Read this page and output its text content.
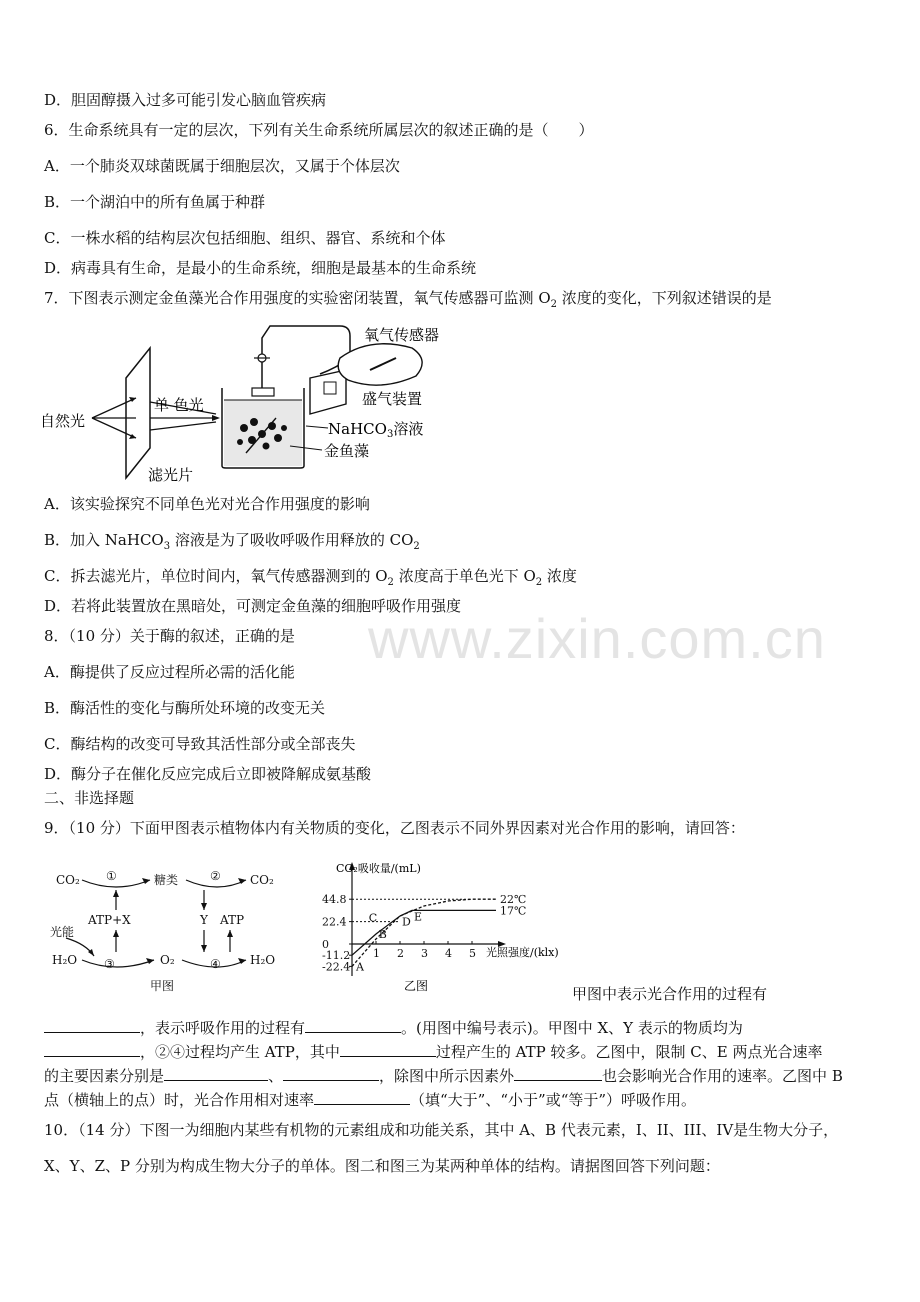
www.zixin.com.cn
D．胆固醇摄入过多可能引发心脑血管疾病
6．生命系统具有一定的层次，下列有关生命系统所属层次的叙述正确的是（　　）
A．一个肺炎双球菌既属于细胞层次，又属于个体层次
B．一个湖泊中的所有鱼属于种群
C．一株水稻的结构层次包括细胞、组织、器官、系统和个体
D．病毒具有生命，是最小的生命系统，细胞是最基本的生命系统
7．下图表示测定金鱼藻光合作用强度的实验密闭装置，氧气传感器可监测 $O_2$ 浓度的变化，下列叙述错误的是
自然光
单 色光
滤光片
氧气传感器
盛气装置
NaHCO$_3$溶液
金鱼藻
A．该实验探究不同单色光对光合作用强度的影响
B．加入 NaHCO$_3$ 溶液是为了吸收呼吸作用释放的 $CO_2$
C．拆去滤光片，单位时间内，氧气传感器测到的 $O_2$ 浓度高于单色光下 $O_2$ 浓度
D．若将此装置放在黑暗处，可测定金鱼藻的细胞呼吸作用强度
8．（10 分）关于酶的叙述，正确的是
A．酶提供了反应过程所必需的活化能
B．酶活性的变化与酶所处环境的改变无关
C．酶结构的改变可导致其活性部分或全部丧失
D．酶分子在催化反应完成后立即被降解成氨基酸
二、非选择题
9．（10 分）下面甲图表示植物体内有关物质的变化，乙图表示不同外界因素对光合作用的影响，请回答：
CO₂ ①	糖类	② CO₂
ATP+X	Y ATP
光能
H₂O ③	O₂	④ H₂O
甲图
CO₂吸收量/(mL)
光照强度/(klx)
乙图
44.8
22.4
0
-11.2
-22.4
1 2 3 4 5
22℃
17℃
A
B
C D E
甲图中表示光合作用的过程有
，表示呼吸作用的过程有	。(用图中编号表示)。甲图中 X、Y 表示的物质均为
，②④过程均产生 ATP，其中	过程产生的 ATP 较多。乙图中，限制 C、E 两点光合速率
的主要因素分别是	、	，除图中所示因素外	也会影响光合作用的速率。乙图中 B
点（横轴上的点）时，光合作用相对速率	（填“大于”、“小于”或“等于”）呼吸作用。
10．（14 分）下图一为细胞内某些有机物的元素组成和功能关系，其中 A、B 代表元素，I、II、III、IV是生物大分子，
X、Y、Z、P 分别为构成生物大分子的单体。图二和图三为某两种单体的结构。请据图回答下列问题：
